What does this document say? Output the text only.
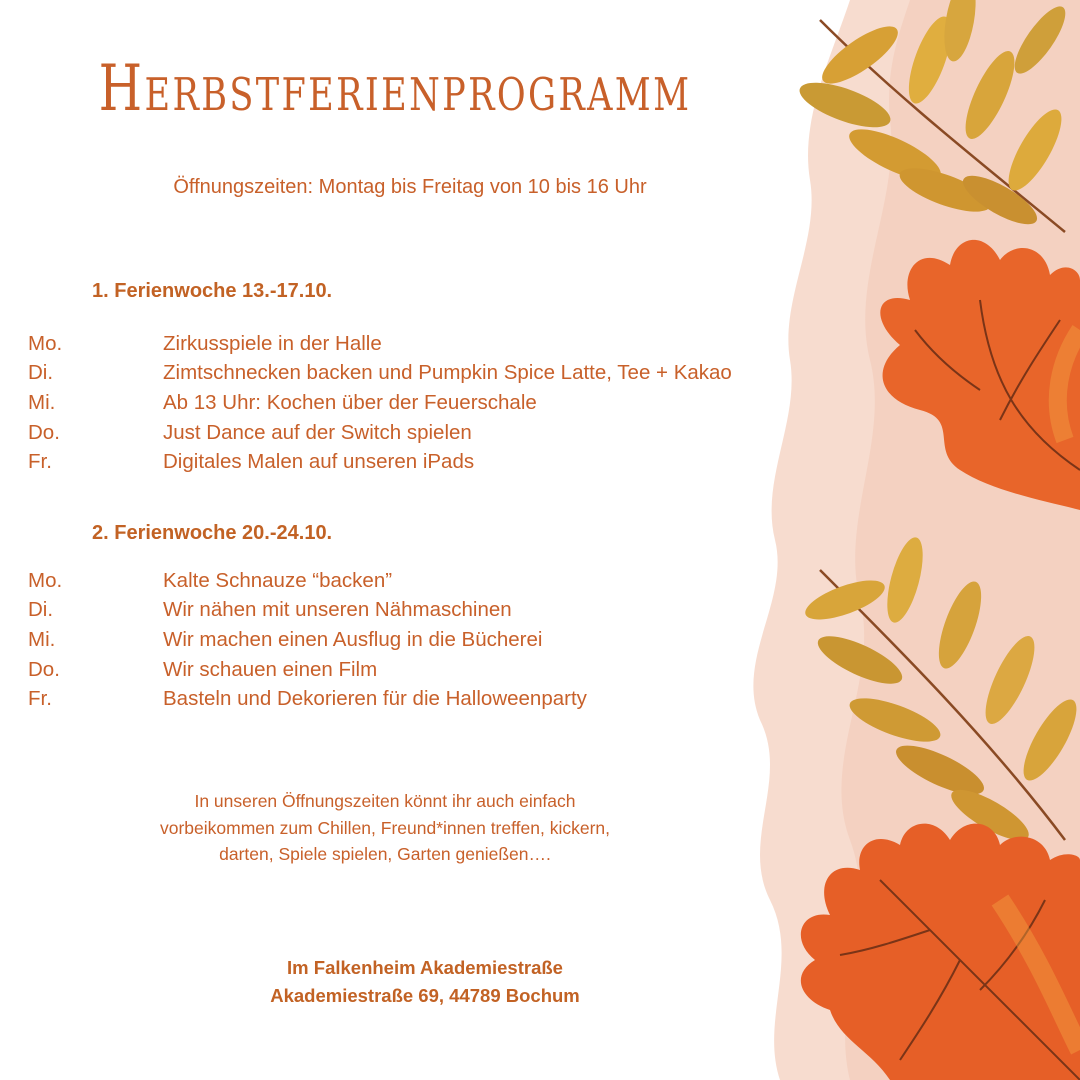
Herbstferienprogramm
Öffnungszeiten: Montag bis Freitag von 10 bis 16 Uhr
1. Ferienwoche 13.-17.10.
Mo.	Zirkusspiele in der Halle
Di.	Zimtschnecken backen und Pumpkin Spice Latte, Tee + Kakao
Mi.	Ab 13 Uhr: Kochen über der Feuerschale
Do.	Just Dance auf der Switch spielen
Fr.	Digitales Malen auf unseren iPads
2. Ferienwoche 20.-24.10.
Mo.	Kalte Schnauze “backen”
Di.	Wir nähen mit unseren Nähmaschinen
Mi.	Wir machen einen Ausflug in die Bücherei
Do.	Wir schauen einen Film
Fr.	Basteln und Dekorieren für die Halloweenparty
In unseren Öffnungszeiten könnt ihr auch einfach
vorbeikommen zum Chillen, Freund*innen treffen, kickern,
darten, Spiele spielen, Garten genießen….
Im Falkenheim Akademiestraße
Akademiestraße 69, 44789 Bochum
